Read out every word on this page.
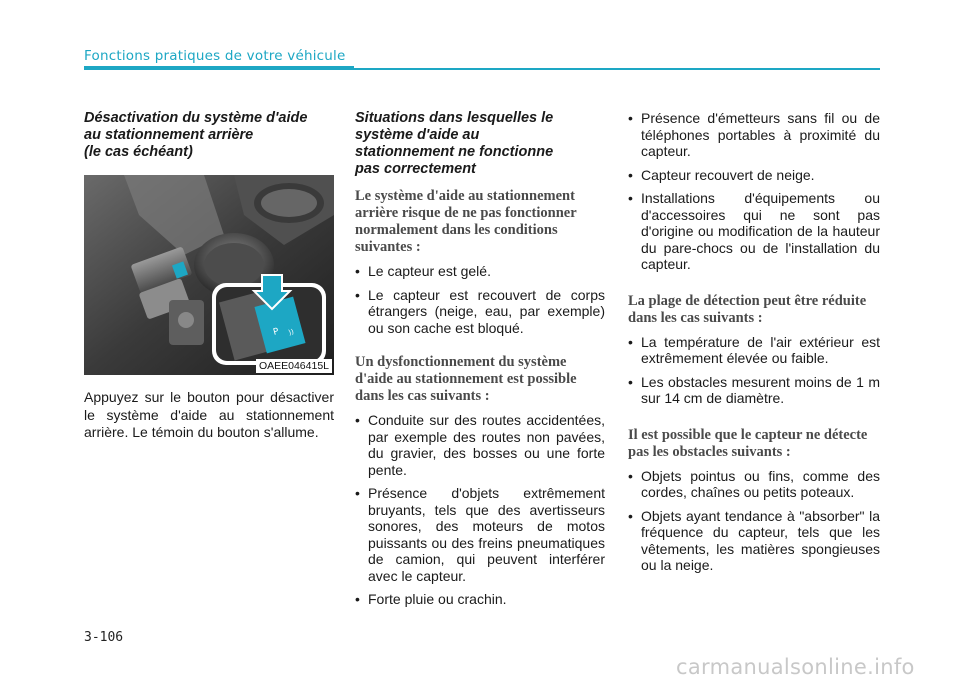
Fonctions pratiques de votre véhicule
Désactivation du système d'aide
au stationnement arrière
(le cas échéant)
P ))
OAEE046415L

Appuyez sur le bouton pour désactiver le système d'aide au stationnement arrière. Le témoin du bouton s'allume.

Situations dans lesquelles le
système d'aide au
stationnement ne fonctionne
pas correctement
Le système d'aide au stationnement arrière risque de ne pas fonctionner normalement dans les conditions suivantes :
• Le capteur est gelé.
• Le capteur est recouvert de corps étrangers (neige, eau, par exemple) ou son cache est bloqué.
Un dysfonctionnement du système d'aide au stationnement est possible dans les cas suivants :
• Conduite sur des routes accidentées, par exemple des routes non pavées, du gravier, des bosses ou une forte pente.
• Présence d'objets extrêmement bruyants, tels que des avertisseurs sonores, des moteurs de motos puissants ou des freins pneumatiques de camion, qui peuvent interférer avec le capteur.
• Forte pluie ou crachin.
• Présence d'émetteurs sans fil ou de téléphones portables à proximité du capteur.
• Capteur recouvert de neige.
• Installations d'équipements ou d'accessoires qui ne sont pas d'origine ou modification de la hauteur du pare-chocs ou de l'installation du capteur.
La plage de détection peut être réduite dans les cas suivants :
• La température de l'air extérieur est extrêmement élevée ou faible.
• Les obstacles mesurent moins de 1 m sur 14 cm de diamètre.
Il est possible que le capteur ne détecte pas les obstacles suivants :
• Objets pointus ou fins, comme des cordes, chaînes ou petits poteaux.
• Objets ayant tendance à "absorber" la fréquence du capteur, tels que les vêtements, les matières spongieuses ou la neige.
3-106
carmanualsonline.info
